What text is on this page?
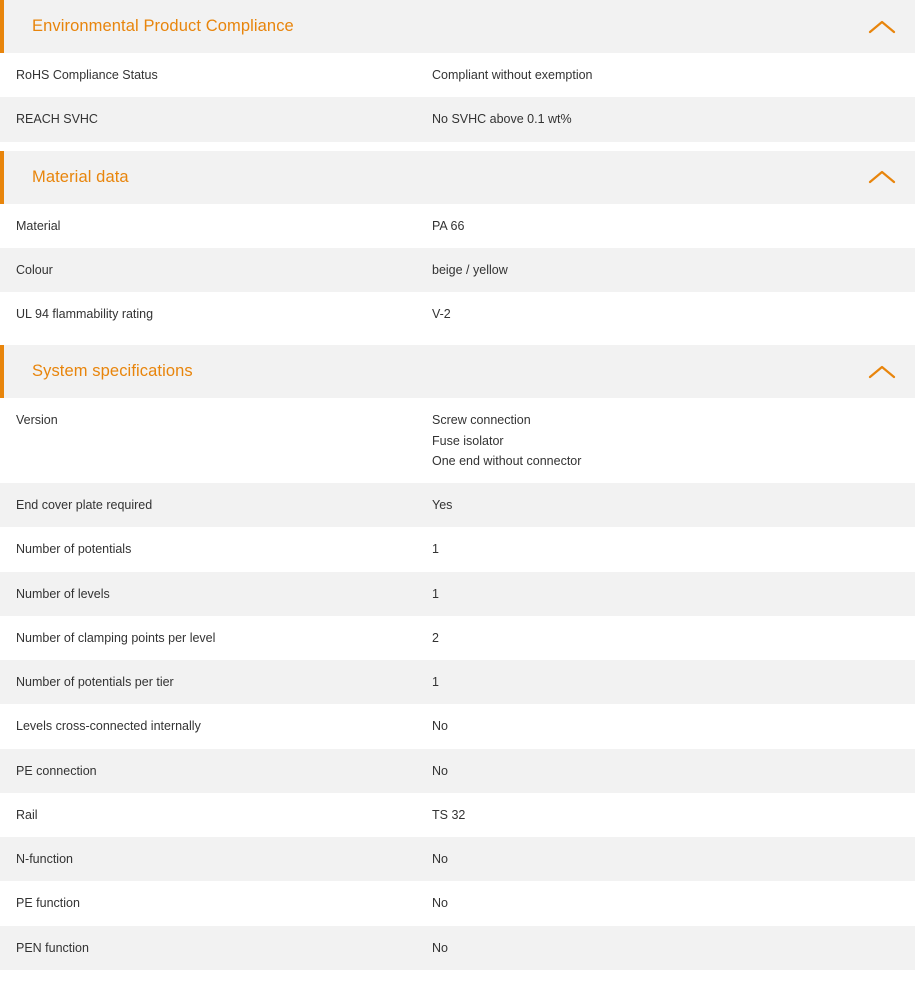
Environmental Product Compliance
RoHS Compliance Status	Compliant without exemption

REACH SVHC	No SVHC above 0.1 wt%
Material data
Material	PA 66

Colour	beige / yellow

UL 94 flammability rating	V-2
System specifications
Version	Screw connection
Fuse isolator
One end without connector

End cover plate required	Yes

Number of potentials	1

Number of levels	1

Number of clamping points per level	2

Number of potentials per tier	1

Levels cross-connected internally	No

PE connection	No

Rail	TS 32

N-function	No

PE function	No

PEN function	No
